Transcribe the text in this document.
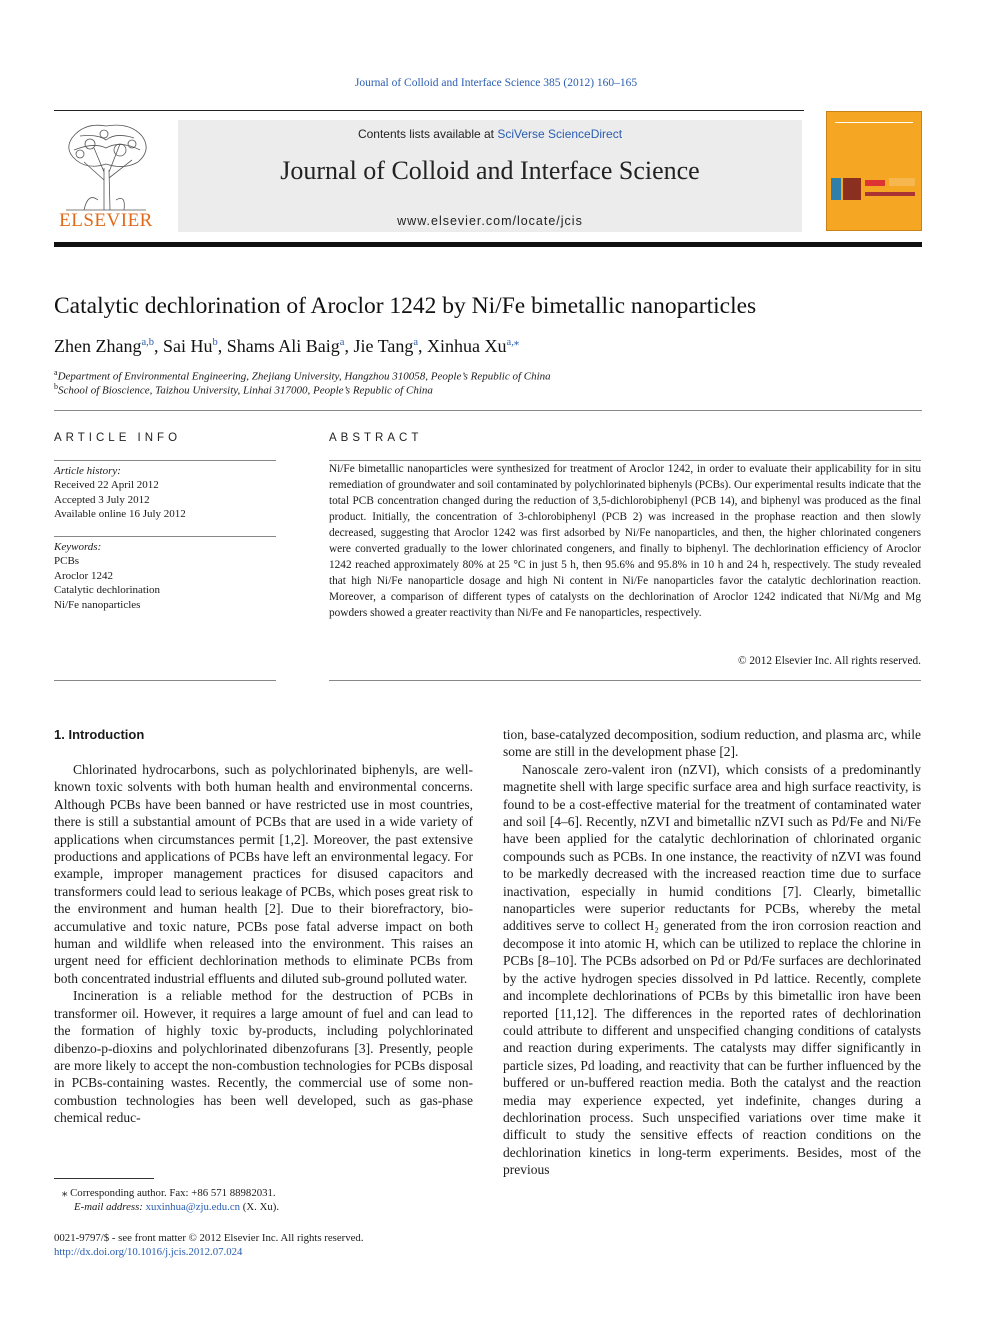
Journal of Colloid and Interface Science 385 (2012) 160–165
ELSEVIER
Contents lists available at SciVerse ScienceDirect
Journal of Colloid and Interface Science
www.elsevier.com/locate/jcis
Catalytic dechlorination of Aroclor 1242 by Ni/Fe bimetallic nanoparticles
Zhen Zhang$^{a,b}$, Sai Hu$^b$, Shams Ali Baig$^a$, Jie Tang$^a$, Xinhua $Xu^{a,⁎}$
$^a$Department of Environmental Engineering, Zhejiang University, Hangzhou 310058, People’s Republic of China
$^b$School of Bioscience, Taizhou University, Linhai 317000, People’s Republic of China
ARTICLE INFO
Article history:
Received 22 April 2012
Accepted 3 July 2012
Available online 16 July 2012
Keywords:
PCBs
Aroclor 1242
Catalytic dechlorination
Ni/Fe nanoparticles
ABSTRACT
Ni/Fe bimetallic nanoparticles were synthesized for treatment of Aroclor 1242, in order to evaluate their applicability for in situ remediation of groundwater and soil contaminated by polychlorinated biphenyls (PCBs). Our experimental results indicate that the total PCB concentration changed during the reduction of 3,5-dichlorobiphenyl (PCB 14), and biphenyl was produced as the final product. Initially, the concentration of 3-chlorobiphenyl (PCB 2) was increased in the prophase reaction and then slowly decreased, suggesting that Aroclor 1242 was first adsorbed by Ni/Fe nanoparticles, and then, the higher chlorinated congeners were converted gradually to the lower chlorinated congeners, and finally to biphenyl. The dechlorination efficiency of Aroclor 1242 reached approximately 80% at 25 °C in just 5 h, then 95.6% and 95.8% in 10 h and 24 h, respectively. The study revealed that high Ni/Fe nanoparticle dosage and high Ni content in Ni/Fe nanoparticles favor the catalytic dechlorination reaction. Moreover, a comparison of different types of catalysts on the dechlorination of Aroclor 1242 indicated that Ni/Mg and Mg powders showed a greater reactivity than Ni/Fe and Fe nanoparticles, respectively.
© 2012 Elsevier Inc. All rights reserved.
1. Introduction

Chlorinated hydrocarbons, such as polychlorinated biphenyls, are well-known toxic solvents with both human health and environmental concerns. Although PCBs have been banned or have restricted use in most countries, there is still a substantial amount of PCBs that are used in a wide variety of applications when circumstances permit [1,2]. Moreover, the past extensive productions and applications of PCBs have left an environmental legacy. For example, improper management practices for disused capacitors and transformers could lead to serious leakage of PCBs, which poses great risk to the environment and human health [2]. Due to their biorefractory, bio-accumulative and toxic nature, PCBs pose fatal adverse impact on both human and wildlife when released into the environment. This raises an urgent need for efficient dechlorination methods to eliminate PCBs from both concentrated industrial effluents and diluted sub-ground polluted water.

Incineration is a reliable method for the destruction of PCBs in transformer oil. However, it requires a large amount of fuel and can lead to the formation of highly toxic by-products, including polychlorinated dibenzo-p-dioxins and polychlorinated dibenzofurans [3]. Presently, people are more likely to accept the non-combustion technologies for PCBs disposal in PCBs-containing wastes. Recently, the commercial use of some non-combustion technologies has been well developed, such as gas-phase chemical reduc-

tion, base-catalyzed decomposition, sodium reduction, and plasma arc, while some are still in the development phase [2].

Nanoscale zero-valent iron (nZVI), which consists of a predominantly magnetite shell with large specific surface area and high surface reactivity, is found to be a cost-effective material for the treatment of contaminated water and soil [4–6]. Recently, nZVI and bimetallic nZVI such as Pd/Fe and Ni/Fe have been applied for the catalytic dechlorination of chlorinated organic compounds such as PCBs. In one instance, the reactivity of nZVI was found to be markedly decreased with the increased reaction time due to surface inactivation, especially in humid conditions [7]. Clearly, bimetallic nanoparticles were superior reductants for PCBs, whereby the metal additives serve to collect H₂ generated from the iron corrosion reaction and decompose it into atomic H, which can be utilized to replace the chlorine in PCBs [8–10]. The PCBs adsorbed on Pd or Pd/Fe surfaces are dechlorinated by the active hydrogen species dissolved in Pd lattice. Recently, complete and incomplete dechlorinations of PCBs by this bimetallic iron have been reported [11,12]. The differences in the reported rates of dechlorination could attribute to different and unspecified changing conditions of catalysts and reaction during experiments. The catalysts may differ significantly in particle sizes, Pd loading, and reactivity that can be further influenced by the buffered or un-buffered reaction media. Both the catalyst and the reaction media may experience expected, yet indefinite, changes during a dechlorination process. Such unspecified variations over time make it difficult to study the sensitive effects of reaction conditions on the dechlorination kinetics in long-term experiments. Besides, most of the previous

⁎ Corresponding author. Fax: +86 571 88982031.
E-mail address: xuxinhua@zju.edu.cn (X. Xu).
0021-9797/$ - see front matter © 2012 Elsevier Inc. All rights reserved.
http://dx.doi.org/10.1016/j.jcis.2012.07.024
